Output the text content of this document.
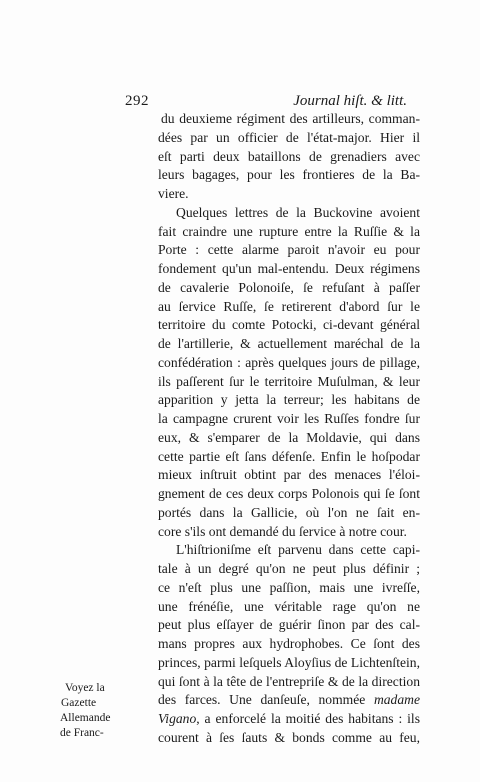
292	Journal hiſt. & litt.
du deuxieme régiment des artilleurs, comman-
dées par un officier de l'état-major. Hier il
eſt parti deux bataillons de grenadiers avec
leurs bagages, pour les frontieres de la Ba-
viere.
Quelques lettres de la Buckovine avoient
fait craindre une rupture entre la Ruſſie & la
Porte : cette alarme paroit n'avoir eu pour
fondement qu'un mal-entendu. Deux régimens
de cavalerie Polonoiſe, ſe refuſant à paſſer
au ſervice Ruſſe, ſe retirerent d'abord ſur le
territoire du comte Potocki, ci-devant général
de l'artillerie, & actuellement maréchal de la
confédération : après quelques jours de pillage,
ils paſſerent ſur le territoire Muſulman, & leur
apparition y jetta la terreur; les habitans de
la campagne crurent voir les Ruſſes fondre ſur
eux, & s'emparer de la Moldavie, qui dans
cette partie eſt ſans défenſe. Enfin le hoſpodar
mieux inſtruit obtint par des menaces l'éloi-
gnement de ces deux corps Polonois qui ſe ſont
portés dans la Gallicie, où l'on ne ſait en-
core s'ils ont demandé du ſervice à notre cour.
L'hiſtrioniſme eſt parvenu dans cette capi-
tale à un degré qu'on ne peut plus définir ;
ce n'eſt plus une paſſion, mais une ivreſſe,
une frénéſie, une véritable rage qu'on ne
peut plus eſſayer de guérir ſinon par des cal-
mans propres aux hydrophobes. Ce ſont des
princes, parmi leſquels Aloyſius de Lichtenſtein,
qui ſont à la tête de l'entrepriſe & de la direction
des farces. Une danſeuſe, nommée madame
Vigano, a enforcelé la moitié des habitans : ils
courent à ſes ſauts & bonds comme au feu,
Voyez la
Gazette
Allemande
de Franc-
